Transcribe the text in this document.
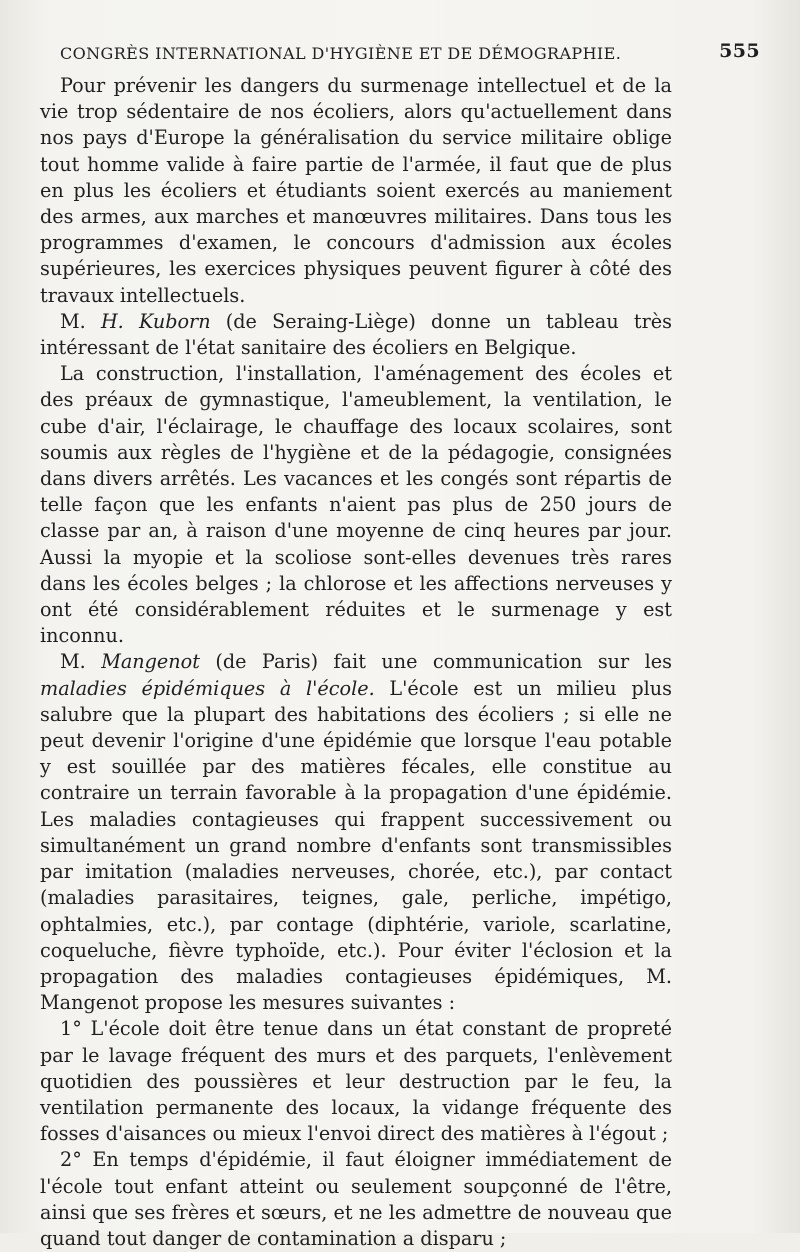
CONGRÈS INTERNATIONAL D'HYGIÈNE ET DE DÉMOGRAPHIE.	555

Pour prévenir les dangers du surmenage intellectuel et de la vie trop sédentaire de nos écoliers, alors qu'actuellement dans nos pays d'Europe la généralisation du service militaire oblige tout homme valide à faire partie de l'armée, il faut que de plus en plus les écoliers et étudiants soient exercés au maniement des armes, aux marches et manœuvres militaires. Dans tous les programmes d'examen, le concours d'admission aux écoles supérieures, les exercices physiques peuvent figurer à côté des travaux intellectuels.

M. H. Kuborn (de Seraing-Liège) donne un tableau très intéressant de l'état sanitaire des écoliers en Belgique.

La construction, l'installation, l'aménagement des écoles et des préaux de gymnastique, l'ameublement, la ventilation, le cube d'air, l'éclairage, le chauffage des locaux scolaires, sont soumis aux règles de l'hygiène et de la pédagogie, consignées dans divers arrêtés. Les vacances et les congés sont répartis de telle façon que les enfants n'aient pas plus de 250 jours de classe par an, à raison d'une moyenne de cinq heures par jour. Aussi la myopie et la scoliose sont-elles devenues très rares dans les écoles belges ; la chlorose et les affections nerveuses y ont été considérablement réduites et le surmenage y est inconnu.

M. Mangenot (de Paris) fait une communication sur les maladies épidémiques à l'école. L'école est un milieu plus salubre que la plupart des habitations des écoliers ; si elle ne peut devenir l'origine d'une épidémie que lorsque l'eau potable y est souillée par des matières fécales, elle constitue au contraire un terrain favorable à la propagation d'une épidémie. Les maladies contagieuses qui frappent successivement ou simultanément un grand nombre d'enfants sont transmissibles par imitation (maladies nerveuses, chorée, etc.), par contact (maladies parasitaires, teignes, gale, perliche, impétigo, ophtalmies, etc.), par contage (diphtérie, variole, scarlatine, coqueluche, fièvre typhoïde, etc.). Pour éviter l'éclosion et la propagation des maladies contagieuses épidémiques, M. Mangenot propose les mesures suivantes :

1° L'école doit être tenue dans un état constant de propreté par le lavage fréquent des murs et des parquets, l'enlèvement quotidien des poussières et leur destruction par le feu, la ventilation permanente des locaux, la vidange fréquente des fosses d'aisances ou mieux l'envoi direct des matières à l'égout ;

2° En temps d'épidémie, il faut éloigner immédiatement de l'école tout enfant atteint ou seulement soupçonné de l'être, ainsi que ses frères et sœurs, et ne les admettre de nouveau que quand tout danger de contamination a disparu ;
